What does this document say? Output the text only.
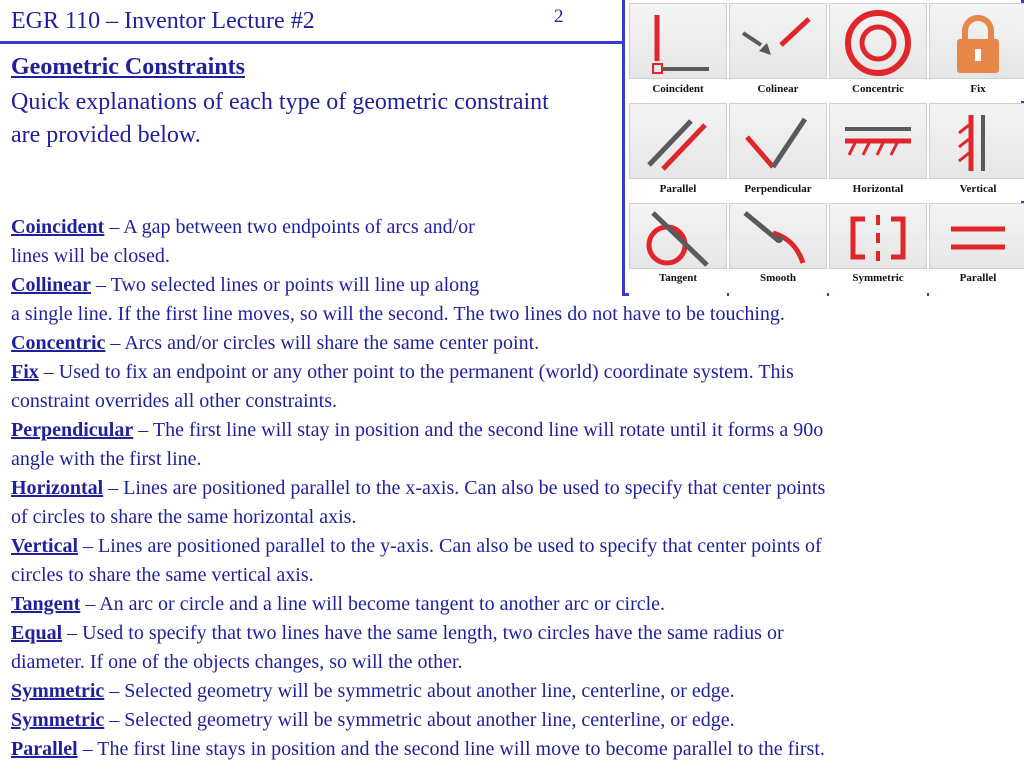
EGR 110 – Inventor Lecture #2	2
Geometric Constraints
Quick explanations of each type of geometric constraint are provided below.
Coincident – A gap between two endpoints of arcs and/or
lines will be closed.
Collinear – Two selected lines or points will line up along
a single line. If the first line moves, so will the second. The two lines do not have to be touching.
Concentric – Arcs and/or circles will share the same center point.
Fix – Used to fix an endpoint or any other point to the permanent (world) coordinate system. This
constraint overrides all other constraints.
Perpendicular – The first line will stay in position and the second line will rotate until it forms a 90o
angle with the first line.
Horizontal – Lines are positioned parallel to the x-axis. Can also be used to specify that center points
of circles to share the same horizontal axis.
Vertical – Lines are positioned parallel to the y-axis. Can also be used to specify that center points of
circles to share the same vertical axis.
Tangent – An arc or circle and a line will become tangent to another arc or circle.
Equal – Used to specify that two lines have the same length, two circles have the same radius or
diameter. If one of the objects changes, so will the other.
Symmetric – Selected geometry will be symmetric about another line, centerline, or edge.
Symmetric – Selected geometry will be symmetric about another line, centerline, or edge.
Parallel – The first line stays in position and the second line will move to become parallel to the first.
Coincident	Colinear	Concentric	Fix
Parallel	Perpendicular	Horizontal	Vertical
Tangent	Smooth	Symmetric	Parallel
